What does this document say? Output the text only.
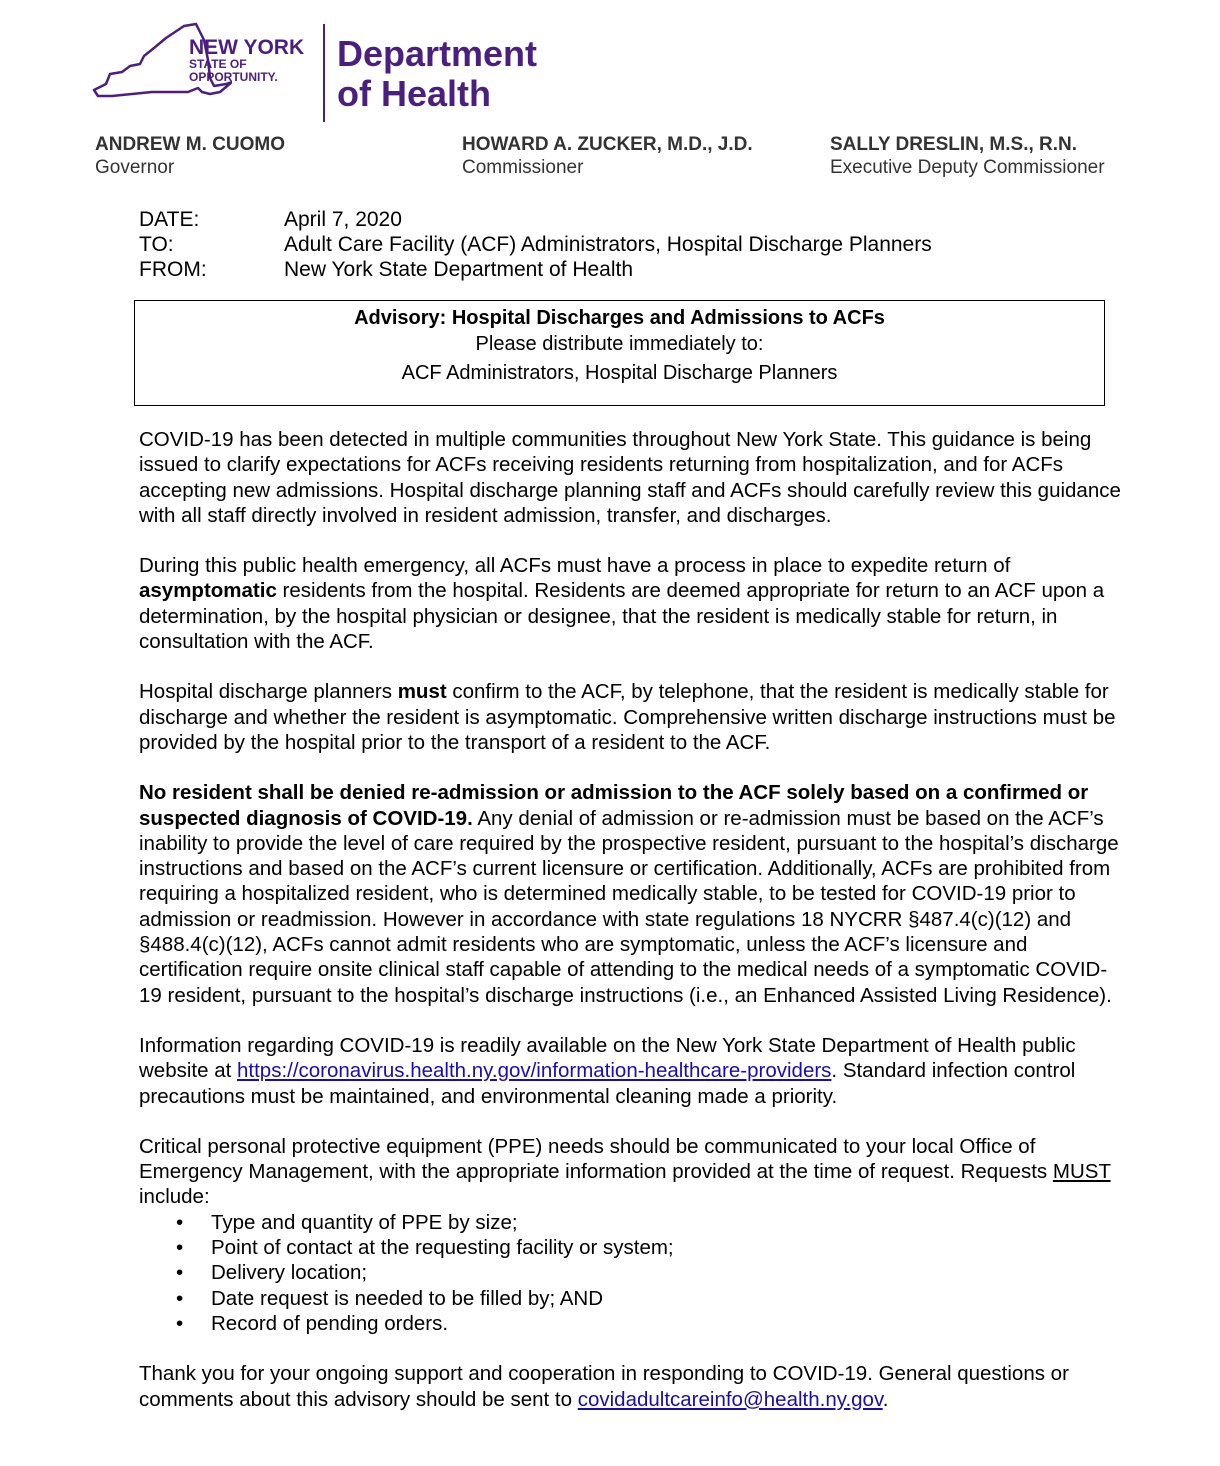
NEW YORK
STATE OF
OPPORTUNITY.
Department
of Health
ANDREW M. CUOMO
Governor
HOWARD A. ZUCKER, M.D., J.D.
Commissioner
SALLY DRESLIN, M.S., R.N.
Executive Deputy Commissioner
DATE:	April 7, 2020
TO:	Adult Care Facility (ACF) Administrators, Hospital Discharge Planners
FROM:	New York State Department of Health
Advisory: Hospital Discharges and Admissions to ACFs
Please distribute immediately to:
ACF Administrators, Hospital Discharge Planners

COVID-19 has been detected in multiple communities throughout New York State. This guidance is being issued to clarify expectations for ACFs receiving residents returning from hospitalization, and for ACFs accepting new admissions. Hospital discharge planning staff and ACFs should carefully review this guidance with all staff directly involved in resident admission, transfer, and discharges.

During this public health emergency, all ACFs must have a process in place to expedite return of asymptomatic residents from the hospital. Residents are deemed appropriate for return to an ACF upon a determination, by the hospital physician or designee, that the resident is medically stable for return, in consultation with the ACF.

Hospital discharge planners must confirm to the ACF, by telephone, that the resident is medically stable for discharge and whether the resident is asymptomatic. Comprehensive written discharge instructions must be provided by the hospital prior to the transport of a resident to the ACF.

No resident shall be denied re-admission or admission to the ACF solely based on a confirmed or suspected diagnosis of COVID-19. Any denial of admission or re-admission must be based on the ACF’s inability to provide the level of care required by the prospective resident, pursuant to the hospital’s discharge instructions and based on the ACF’s current licensure or certification. Additionally, ACFs are prohibited from requiring a hospitalized resident, who is determined medically stable, to be tested for COVID-19 prior to admission or readmission. However in accordance with state regulations 18 NYCRR §487.4(c)(12) and §488.4(c)(12), ACFs cannot admit residents who are symptomatic, unless the ACF’s licensure and certification require onsite clinical staff capable of attending to the medical needs of a symptomatic COVID-19 resident, pursuant to the hospital’s discharge instructions (i.e., an Enhanced Assisted Living Residence).

Information regarding COVID-19 is readily available on the New York State Department of Health public website at https://coronavirus.health.ny.gov/information-healthcare-providers. Standard infection control precautions must be maintained, and environmental cleaning made a priority.

Critical personal protective equipment (PPE) needs should be communicated to your local Office of Emergency Management, with the appropriate information provided at the time of request. Requests MUST include:
• Type and quantity of PPE by size;
• Point of contact at the requesting facility or system;
• Delivery location;
• Date request is needed to be filled by; AND
• Record of pending orders.

Thank you for your ongoing support and cooperation in responding to COVID-19. General questions or comments about this advisory should be sent to covidadultcareinfo@health.ny.gov.
